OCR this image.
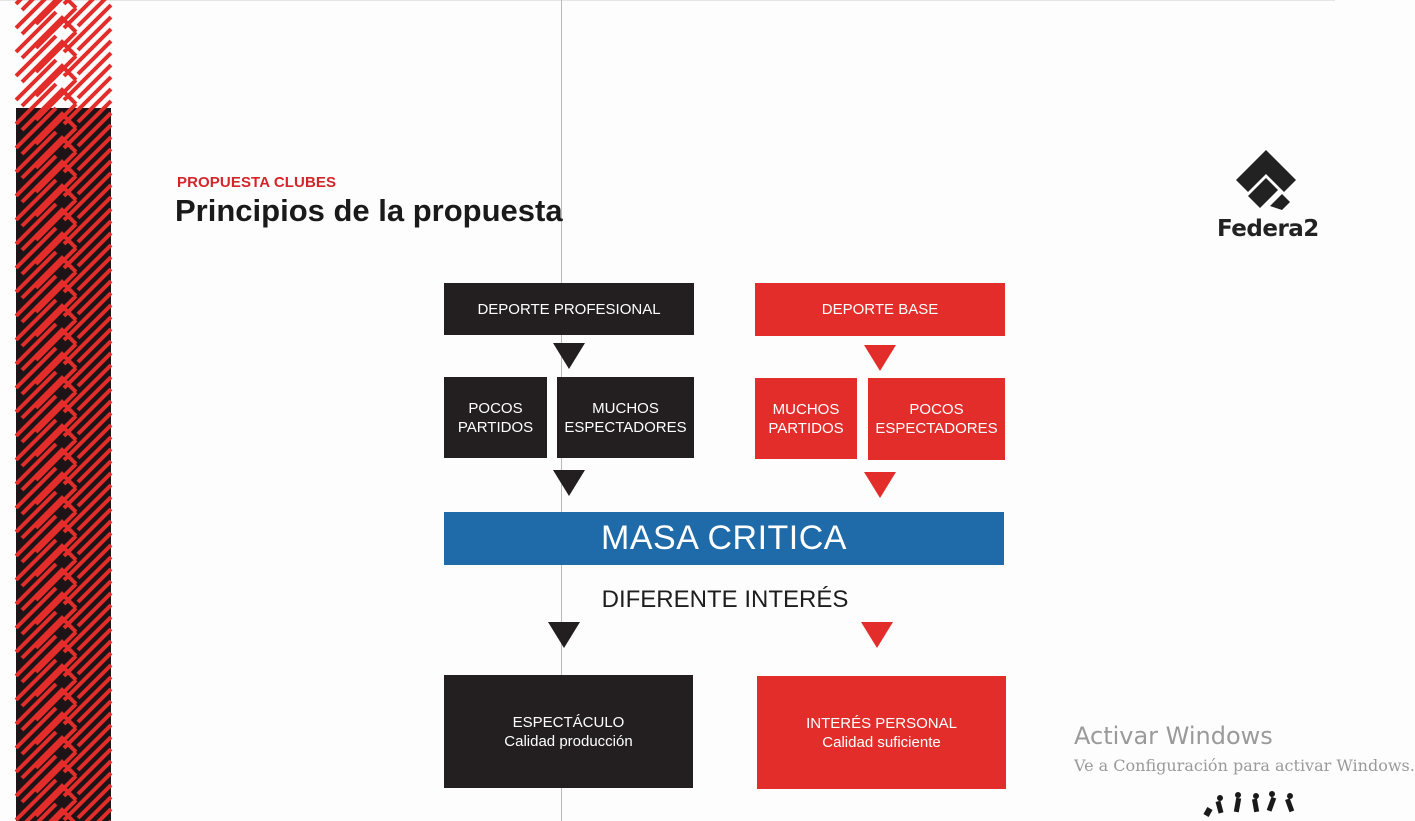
PROPUESTA CLUBES
Principios de la propuesta
Federa2
DEPORTE PROFESIONAL	DEPORTE BASE
POCOS
PARTIDOS
MUCHOS
ESPECTADORES
MUCHOS
PARTIDOS
POCOS
ESPECTADORES
MASA CRITICA
DIFERENTE INTERÉS
ESPECTÁCULO
Calidad producción
INTERÉS PERSONAL
Calidad suficiente	Activar Windows
Ve a Configuración para activar Windows.
